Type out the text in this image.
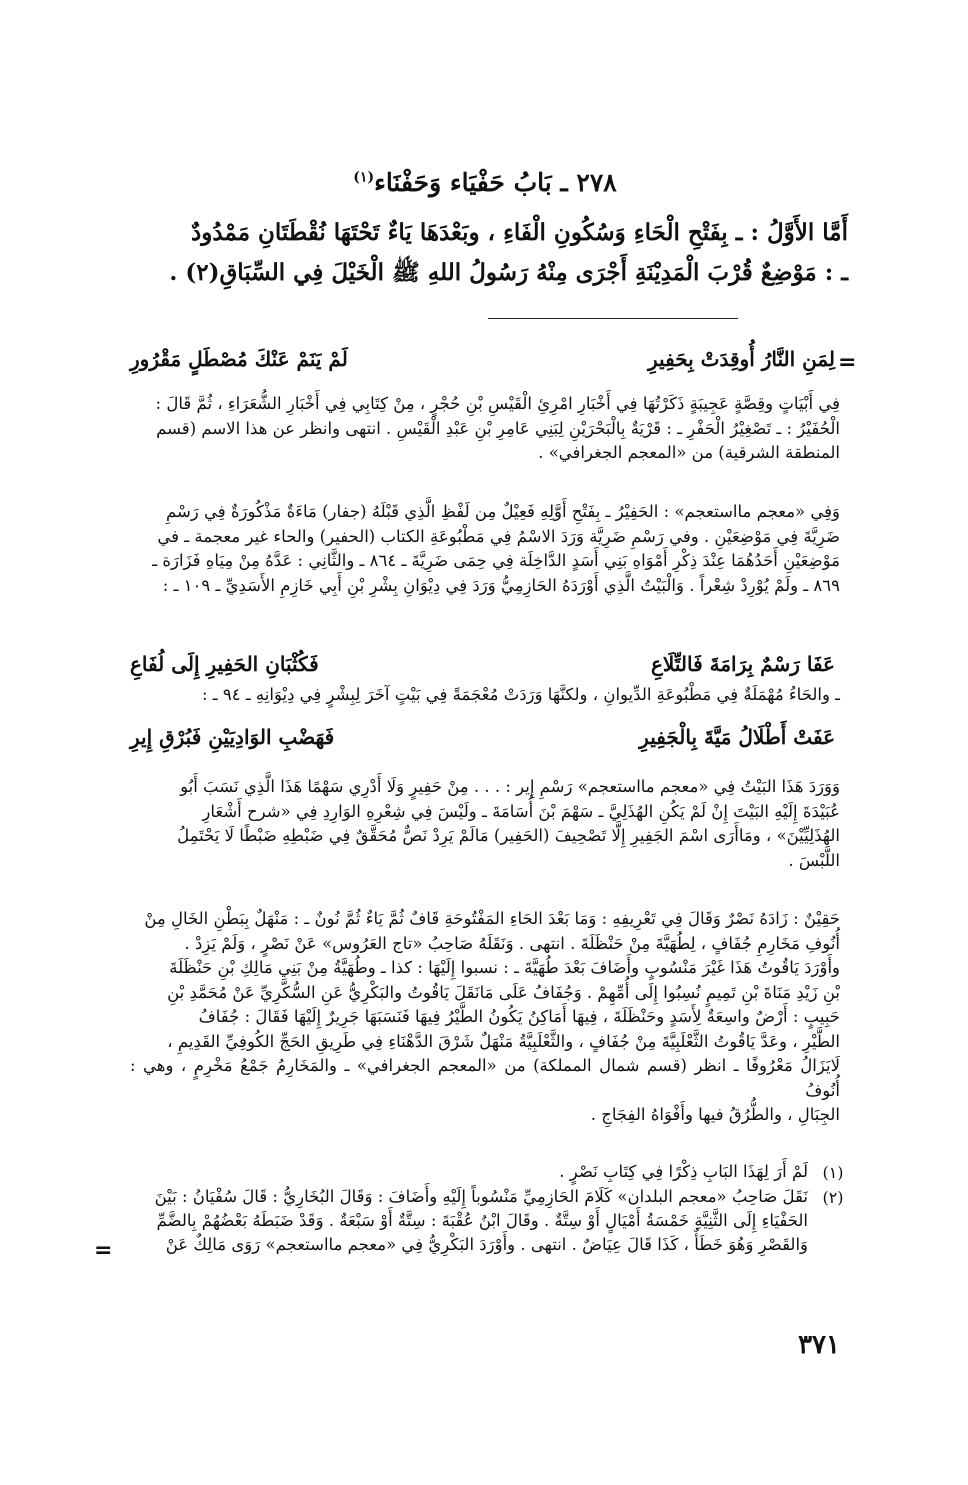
٢٧٨ ـ بَابُ حَفْيَاء وَحَفْنَاء$^{(١)}$
أَمَّا الأَوَّلُ : ـ بِفَتْحِ الْحَاءِ وَسُكُونِ الْفَاءِ ، وبَعْدَهَا يَاءٌ تَحْتَهَا نُقْطَتَانِ مَمْدُودٌ
ـ : مَوْضِعٌ قُرْبَ الْمَدِيْنَةِ أَجْرَى مِنْهُ رَسُولُ اللهِ ﷺ الْخَيْلَ فِي السِّبَاقِ(٢) .
=
لِمَنِ النَّارُ أُوقِدَتْ بِحَفِيرِ
لَمْ يَنَمْ عَنْكَ مُصْطَلٍ مَقْرُورِ

فِي أَبْيَاتٍ وقِصَّةٍ عَجِيبَةٍ ذَكَرْتُهَا فِي أَخْبَارِ امْرِئِ الْقَيْسِ بْنِ حُجْرٍ ، مِنْ كِتَابِي فِي أَخْبَارِ الشُّعَرَاءِ ، ثُمَّ قَالَ :

الْحُفَيْرُ : ـ تَصْغِيْرُ الْحَفْرِ ـ : قَرْيَةٌ بِالْبَحْرَيْنِ لِبَنِي عَامِرِ بْنِ عَبْدِ الْقَيْسِ . انتهى وانظر عن هذا الاسم (قسم

المنطقة الشرقية) من «المعجم الجغرافي» .

وَفِي «معجم مااستعجم» : الحَفِيْرُ ـ بِفَتْحِ أَوَّلِهِ فَعِيْلٌ مِن لَفْظِ الَّذِي قَبْلَهُ (جفار) مَاءَةٌ مَذْكُورَةٌ فِي رَسْمِ

ضَرِيَّةَ فِي مَوْضِعَيْنِ . وفي رَسْمِ ضَرِيَّة وَرَدَ الاسْمُ فِي مَطْبُوعَةِ الكتاب (الحفير) والحاء غير معجمة ـ في

مَوْضِعَيْنِ أَحَدُهُمَا عِنْدَ ذِكْرِ أَمْوَاهِ بَنِي أَسَدٍ الدَّاخِلَة فِي حِمَى ضَرِيَّةَ ـ ٨٦٤ ـ والثَّانِي : عَدَّهُ مِنْ مِيَاهِ فَزَارَة ـ

٨٦٩ ـ ولَمْ يُوْرِدْ شِعْراً . وَالْبَيْتُ الَّذِي أَوْرَدَهُ الحَازِمِيُّ وَرَدَ فِي دِيْوَانِ بِشْرِ بْنِ أَبِي خَازِمِ الأَسَدِيِّ ـ ١٠٩ ـ :

عَفَا رَسْمٌ بِرَامَةَ فَالتِّلَاعِ
فَكُثْبَانِ الحَفِيرِ إِلَى لُفَاعِ
ـ والحَاءُ مُهْمَلَةٌ فِي مَطْبُوعَةِ الدِّيوانِ ، ولكنَّهَا وَرَدَتْ مُعْجَمَةً فِي بَيْتٍ آخَرَ لِبِشْرٍ فِي دِيْوَانِهِ ـ ٩٤ ـ :
عَفَتْ أَطْلَالُ مَيَّةَ بِالْجَفِيرِ
فَهَضْبِ الوَادِيَيْنِ فَبُرْقِ إِيرِ

وَوَرَدَ هَذَا البَيْتُ فِي «معجم مااستعجم» رَسْمِ إِير : . . . مِنْ حَفِيرٍ وَلَا أَدْرِي سَهْمًا هَذَا الَّذِي نَسَبَ أَبُو

عُبَيْدَةَ إِلَيْهِ البَيْتَ إِنْ لَمْ يَكُنِ الهُذَلِيَّ ـ سَهْمَ بْنَ أُسَامَةَ ـ ولَيْسَ فِي شِعْرِهِ الوَارِدِ فِي «شرح أَشْعَارِ

الهُذَلِيِّيْنَ» ، ومَاأَرَى اسْمَ الجَفِيرِ إِلَّا تَصْحِيفَ (الحَفِير) مَالَمْ يَرِدْ نَصٌّ مُحَقَّقٌ فِي ضَبْطِهِ ضَبْطًا لَا يَحْتَمِلُ

اللَّبْسَ .

حَقِيْنٌ : زَادَهُ نَصْرٌ وَقَالَ فِي تَعْرِيفِهِ : وَمَا بَعْدَ الحَاءِ المَفْتُوحَةِ قَافٌ ثُمَّ يَاءٌ ثُمَّ نُونٌ ـ : مَنْهَلٌ بِبَطْنِ الخَالِ مِنْ

أُنُوفِ مَخَارِمِ جُفَافٍ ، لِطُهَيَّةَ مِنْ حَنْظَلَةَ . انتهى . وَنَقَلَهُ صَاحِبُ «تاج العَرُوس» عَنْ نَصْرٍ ، وَلَمْ يَزِدْ .

وأَوْرَدَ يَاقُوتُ هَذَا غَيْرَ مَنْسُوبٍ وأَضَافَ بَعْدَ طُهَيَّةَ ـ : نسبوا إِلَيْهَا : كذا ـ وطُهَيَّةُ مِنْ بَنِي مَالِكِ بْنِ حَنْظَلَةَ

بْنِ زَيْدِ مَنَاةَ بْنِ تَمِيمٍ نُسِبُوا إِلَى أُمِّهِمْ . وَجُفَافُ عَلَى مَانَقَلَ يَاقُوتُ والبَكْرِيُّ عَنِ السُّكَّرِيِّ عَنْ مُحَمَّدِ بْنِ

حَبِيبٍ : أَرْضٌ واسِعَةٌ لِأَسَدٍ وحَنْظَلَةَ ، فِيهَا أَمَاكِنُ يَكُونُ الطَّيْرُ فِيهَا فَنَسَبَهَا جَرِيرٌ إِلَيْهَا فَقَالَ : جُفَافُ

الطَّيْرِ ، وعَدَّ يَاقُوتُ الثَّعْلَبِيَّةَ مِنْ جُفَافٍ ، والثَّعْلَبِيَّةُ مَنْهَلٌ شَرْقَ الدَّهْنَاءِ فِي طَرِيقِ الحَجِّ الكُوفِيِّ القَدِيمِ ،

لَايَزَالُ مَعْرُوفًا ـ انظر (قسم شمال المملكة) من «المعجم الجغرافي» ـ والمَخَارِمُ جَمْعُ مَخْرِمٍ ، وهي : أُنُوفُ

الجِبَالِ ، والطُّرُقُ فيها وأَفْوَاهُ الفِجَاجِ .

(١)
لَمْ أَرَ لِهَذَا البَابِ ذِكْرًا فِي كِتَابِ نَصْرٍ .
(٢)
نَقَلَ صَاحِبُ «معجم البلدان» كَلَامَ الحَازِمِيِّ مَنْسُوباً إِلَيْهِ وأَضَافَ : وَقَالَ البُخَارِيُّ : قَالَ سُفْيَانُ : بَيْنَ
الحَفْيَاءِ إِلَى الثَّنِيَّةِ خَمْسَةُ أَمْيَالٍ أَوْ سِتَّةٌ . وقَالَ ابْنُ عُقْبَةَ : سِتَّةٌ أَوْ سَبْعَةٌ . وَقَدْ ضَبَطَهُ بَعْضُهُمْ بِالضَّمِّ
وَالقَصْرِ وَهُوَ خَطَأٌ ، كَذَا قَالَ عِيَاضٌ . انتهى . وأَوْرَدَ البَكْرِيُّ فِي «معجم مااستعجم» رَوَى مَالِكٌ عَنْ
=
٣٧١
